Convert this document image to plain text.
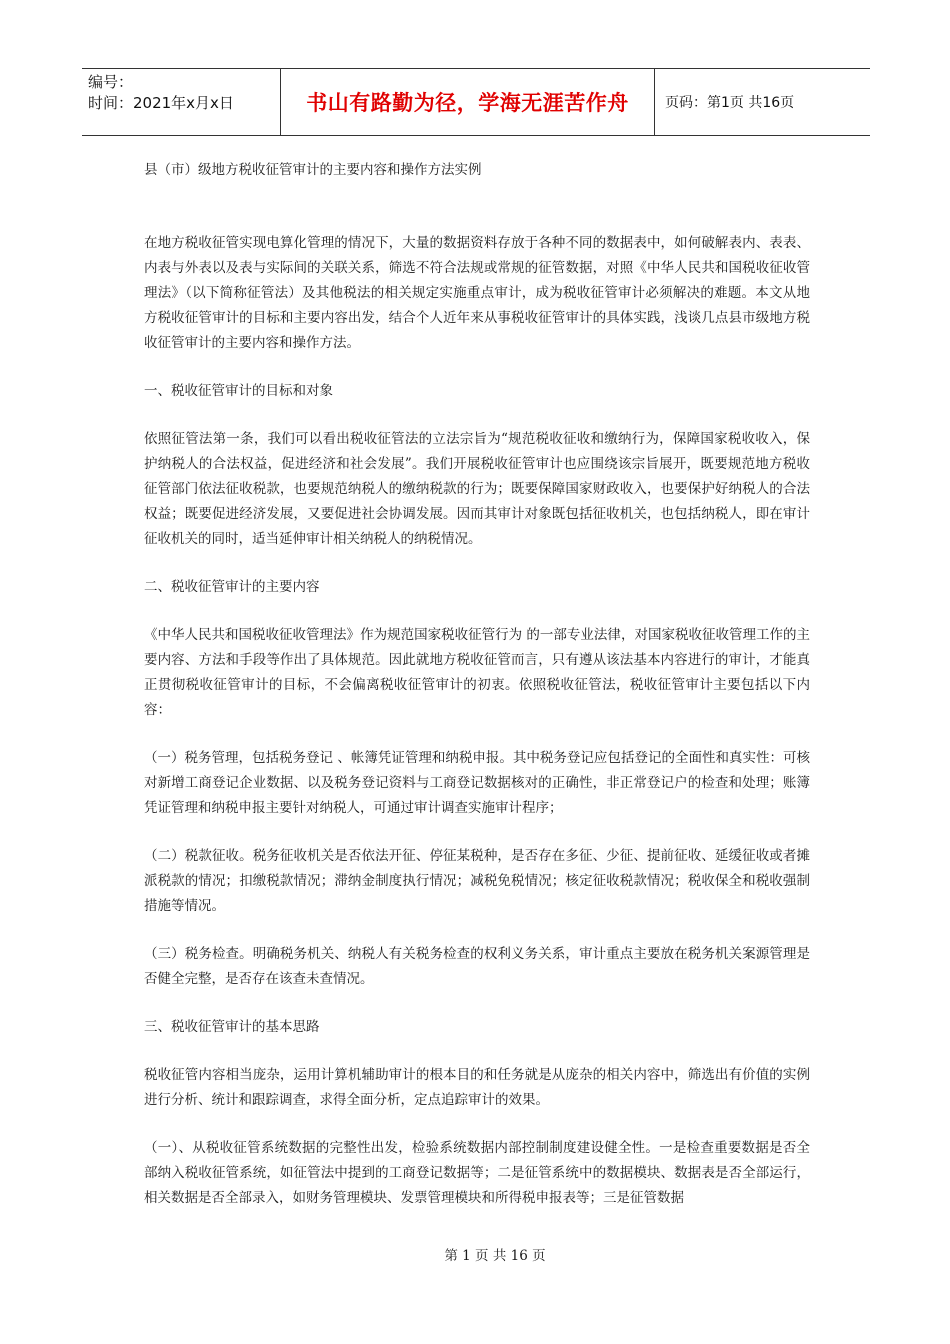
编号：
时间：2021年x月x日	书山有路勤为径，学海无涯苦作舟	页码：第1页 共16页
县（市）级地方税收征管审计的主要内容和操作方法实例

在地方税收征管实现电算化管理的情况下，大量的数据资料存放于各种不同的数据表中，如何破解表内、表表、内表与外表以及表与实际间的关联关系，筛选不符合法规或常规的征管数据，对照《中华人民共和国税收征收管理法》（以下简称征管法）及其他税法的相关规定实施重点审计，成为税收征管审计必须解决的难题。本文从地方税收征管审计的目标和主要内容出发，结合个人近年来从事税收征管审计的具体实践，浅谈几点县市级地方税收征管审计的主要内容和操作方法。

一、税收征管审计的目标和对象

依照征管法第一条，我们可以看出税收征管法的立法宗旨为“规范税收征收和缴纳行为，保障国家税收收入，保护纳税人的合法权益，促进经济和社会发展”。我们开展税收征管审计也应围绕该宗旨展开，既要规范地方税收征管部门依法征收税款，也要规范纳税人的缴纳税款的行为；既要保障国家财政收入，也要保护好纳税人的合法权益；既要促进经济发展，又要促进社会协调发展。因而其审计对象既包括征收机关，也包括纳税人，即在审计征收机关的同时，适当延伸审计相关纳税人的纳税情况。

二、税收征管审计的主要内容

《中华人民共和国税收征收管理法》作为规范国家税收征管行为 的一部专业法律，对国家税收征收管理工作的主要内容、方法和手段等作出了具体规范。因此就地方税收征管而言，只有遵从该法基本内容进行的审计，才能真正贯彻税收征管审计的目标，不会偏离税收征管审计的初衷。依照税收征管法，税收征管审计主要包括以下内容：

（一）税务管理，包括税务登记 、帐簿凭证管理和纳税申报。其中税务登记应包括登记的全面性和真实性：可核对新增工商登记企业数据、以及税务登记资料与工商登记数据核对的正确性，非正常登记户的检查和处理；账簿凭证管理和纳税申报主要针对纳税人，可通过审计调查实施审计程序；

（二）税款征收。税务征收机关是否依法开征、停征某税种，是否存在多征、少征、提前征收、延缓征收或者摊派税款的情况；扣缴税款情况；滞纳金制度执行情况；减税免税情况；核定征收税款情况；税收保全和税收强制措施等情况。

（三）税务检查。明确税务机关、纳税人有关税务检查的权利义务关系，审计重点主要放在税务机关案源管理是否健全完整，是否存在该查未查情况。

三、税收征管审计的基本思路

税收征管内容相当庞杂，运用计算机辅助审计的根本目的和任务就是从庞杂的相关内容中，筛选出有价值的实例进行分析、统计和跟踪调查，求得全面分析，定点追踪审计的效果。

（一）、从税收征管系统数据的完整性出发，检验系统数据内部控制制度建设健全性。一是检查重要数据是否全部纳入税收征管系统，如征管法中提到的工商登记数据等；二是征管系统中的数据模块、数据表是否全部运行，相关数据是否全部录入，如财务管理模块、发票管理模块和所得税申报表等；三是征管数据

第 1 页 共 16 页
